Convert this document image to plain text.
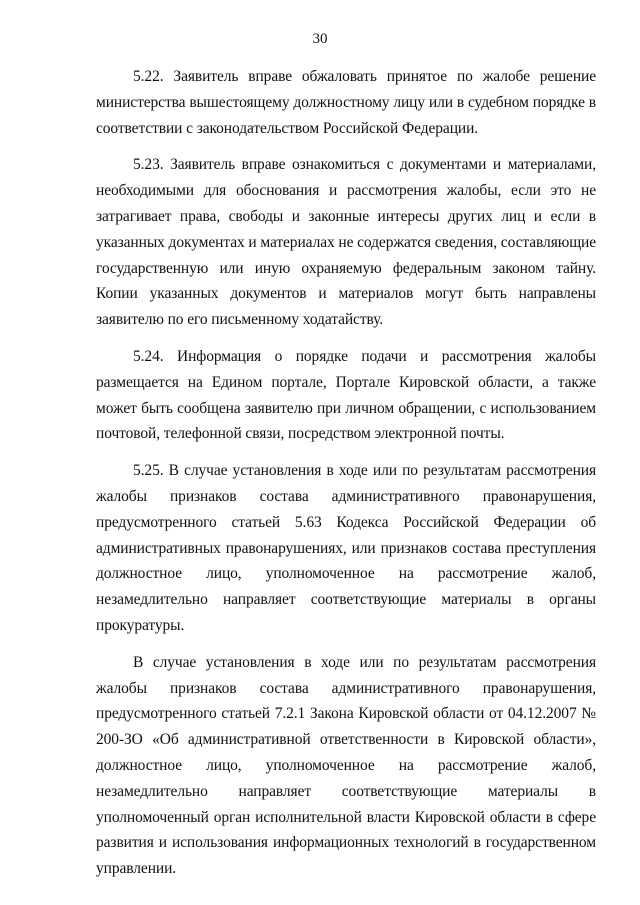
30

5.22. Заявитель вправе обжаловать принятое по жалобе решение министерства вышестоящему должностному лицу или в судебном порядке в соответствии с законодательством Российской Федерации.

5.23. Заявитель вправе ознакомиться с документами и материалами, необходимыми для обоснования и рассмотрения жалобы, если это не затрагивает права, свободы и законные интересы других лиц и если в указанных документах и материалах не содержатся сведения, составляющие государственную или иную охраняемую федеральным законом тайну. Копии указанных документов и материалов могут быть направлены заявителю по его письменному ходатайству.

5.24. Информация о порядке подачи и рассмотрения жалобы размещается на Едином портале, Портале Кировской области, а также может быть сообщена заявителю при личном обращении, с использованием почтовой, телефонной связи, посредством электронной почты.

5.25. В случае установления в ходе или по результатам рассмотрения жалобы признаков состава административного правонарушения, предусмотренного статьей 5.63 Кодекса Российской Федерации об административных правонарушениях, или признаков состава преступления должностное лицо, уполномоченное на рассмотрение жалоб, незамедлительно направляет соответствующие материалы в органы прокуратуры.

В случае установления в ходе или по результатам рассмотрения жалобы признаков состава административного правонарушения, предусмотренного статьей 7.2.1 Закона Кировской области от 04.12.2007 № 200-ЗО «Об административной ответственности в Кировской области», должностное лицо, уполномоченное на рассмотрение жалоб, незамедлительно направляет соответствующие материалы в уполномоченный орган исполнительной власти Кировской области в сфере развития и использования информационных технологий в государственном управлении.
